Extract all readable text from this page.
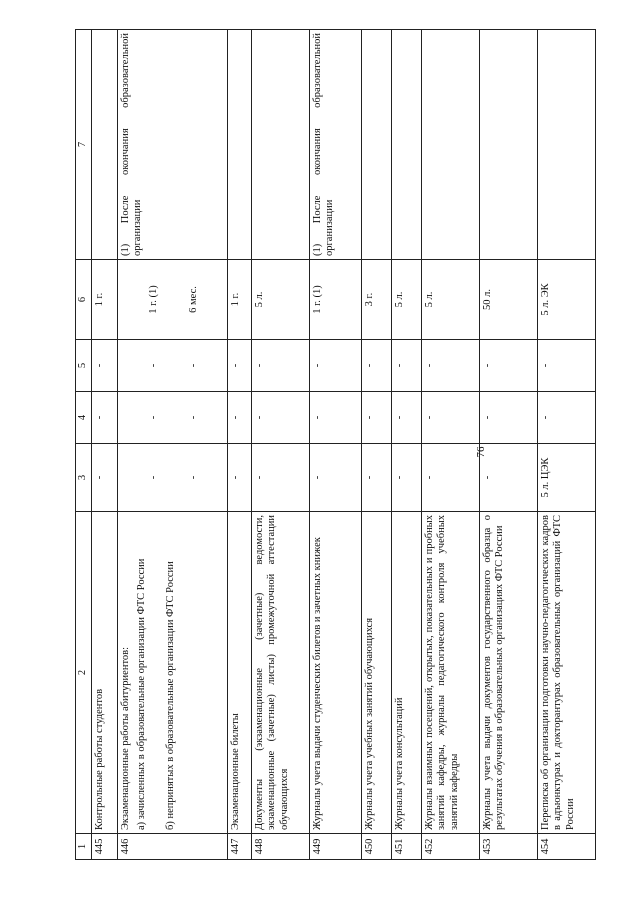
76
1	2	3	4	5	6	7
445	Контрольные работы студентов	-	-	-	1 г.	
446	Экзаменационные работы абитуриентов: а) зачисленных в образовательные организации ФТС России б) непринятых в образовательные организации ФТС России	- -	- -	- -	1 г. (1) 6 мес.	(1) После окончания образовательной организации
447	Экзаменационные билеты	-	-	-	1 г.	
448	Документы (экзаменационные (зачетные) ведомости, экзаменационные (зачетные) листы) промежуточной аттестации обучающихся	-	-	-	5 л.	
449	Журналы учета выдачи студенческих билетов и зачетных книжек	-	-	-	1 г. (1)	(1) После окончания образовательной организации
450	Журналы учета учебных занятий обучающихся	-	-	-	3 г.	
451	Журналы учета консультаций	-	-	-	5 л.	
452	Журналы взаимных посещений, открытых, показательных и пробных занятий кафедры, журналы педагогического контроля учебных занятий кафедры	-	-	-	5 л.	
453	Журналы учета выдачи документов государственного образца о результатах обучения в образовательных организациях ФТС России	-	-	-	50 л.	
454	Переписка об организации подготовки научно-педагогических кадров в адъюнктурах и докторантурах образовательных организаций ФТС России	5 л. ЦЭК	-	-	5 л. ЭК	
